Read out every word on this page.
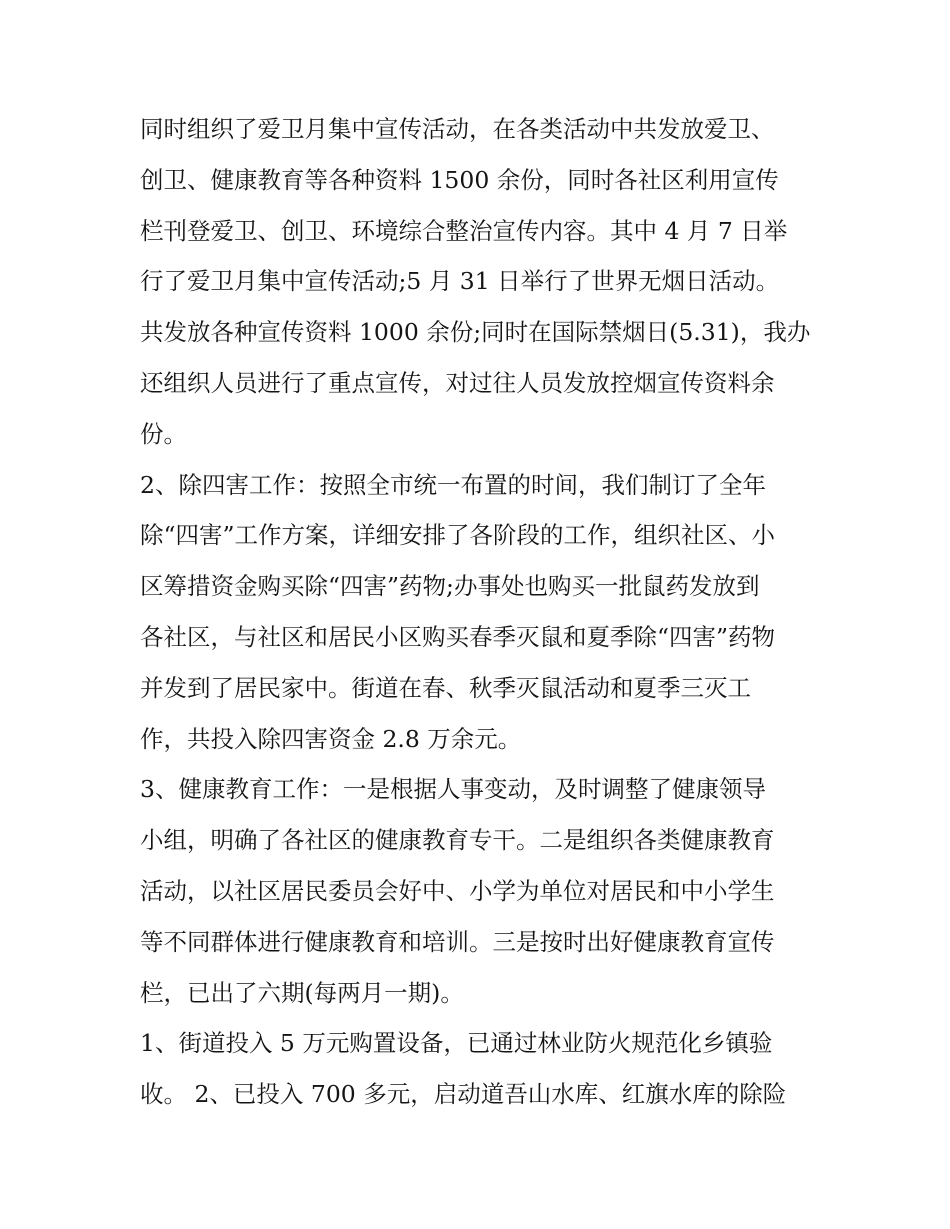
同时组织了爱卫月集中宣传活动，在各类活动中共发放爱卫、
创卫、健康教育等各种资料 1500 余份，同时各社区利用宣传
栏刊登爱卫、创卫、环境综合整治宣传内容。其中 4 月 7 日举
行了爱卫月集中宣传活动;5 月 31 日举行了世界无烟日活动。
共发放各种宣传资料 1000 余份;同时在国际禁烟日(5.31)，我办
还组织人员进行了重点宣传，对过往人员发放控烟宣传资料余
份。
2、除四害工作：按照全市统一布置的时间，我们制订了全年
除“四害”工作方案，详细安排了各阶段的工作，组织社区、小
区筹措资金购买除“四害”药物;办事处也购买一批鼠药发放到
各社区，与社区和居民小区购买春季灭鼠和夏季除“四害”药物
并发到了居民家中。街道在春、秋季灭鼠活动和夏季三灭工
作，共投入除四害资金 2.8 万余元。
3、健康教育工作：一是根据人事变动，及时调整了健康领导
小组，明确了各社区的健康教育专干。二是组织各类健康教育
活动，以社区居民委员会好中、小学为单位对居民和中小学生
等不同群体进行健康教育和培训。三是按时出好健康教育宣传
栏，已出了六期(每两月一期)。
1、街道投入 5 万元购置设备，已通过林业防火规范化乡镇验
收。 2、已投入 700 多元，启动道吾山水库、红旗水库的除险
